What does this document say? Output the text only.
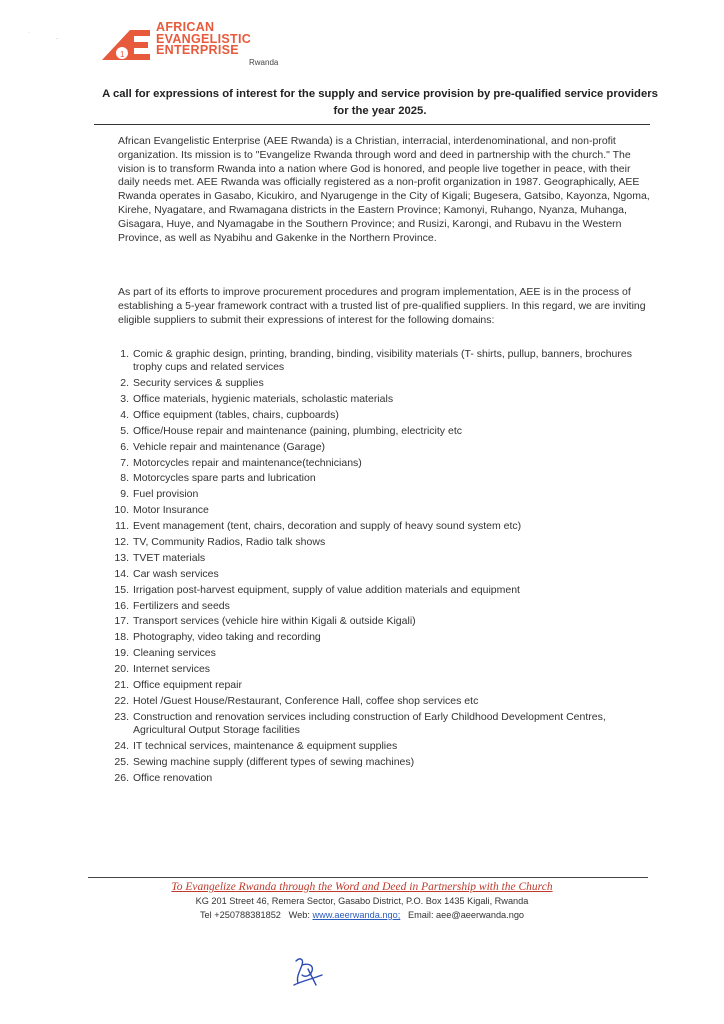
·
-
1
AFRICAN
EVANGELISTIC
ENTERPRISE
Rwanda
A call for expressions of interest for the supply and service provision by pre-qualified service providers for the year 2025.

African Evangelistic Enterprise (AEE Rwanda) is a Christian, interracial, interdenominational, and non-profit organization. Its mission is to "Evangelize Rwanda through word and deed in partnership with the church." The vision is to transform Rwanda into a nation where God is honored, and people live together in peace, with their daily needs met. AEE Rwanda was officially registered as a non-profit organization in 1987. Geographically, AEE Rwanda operates in Gasabo, Kicukiro, and Nyarugenge in the City of Kigali; Bugesera, Gatsibo, Kayonza, Ngoma, Kirehe, Nyagatare, and Rwamagana districts in the Eastern Province; Kamonyi, Ruhango, Nyanza, Muhanga, Gisagara, Huye, and Nyamagabe in the Southern Province; and Rusizi, Karongi, and Rubavu in the Western Province, as well as Nyabihu and Gakenke in the Northern Province.

As part of its efforts to improve procurement procedures and program implementation, AEE is in the process of establishing a 5-year framework contract with a trusted list of pre-qualified suppliers. In this regard, we are inviting eligible suppliers to submit their expressions of interest for the following domains:

1. Comic & graphic design, printing, branding, binding, visibility materials (T- shirts, pullup, banners, brochures trophy cups and related services
2. Security services & supplies
3. Office materials, hygienic materials, scholastic materials
4. Office equipment (tables, chairs, cupboards)
5. Office/House repair and maintenance (paining, plumbing, electricity etc
6. Vehicle repair and maintenance (Garage)
7. Motorcycles repair and maintenance(technicians)
8. Motorcycles spare parts and lubrication
9. Fuel provision
10. Motor Insurance
11. Event management (tent, chairs, decoration and supply of heavy sound system etc)
12. TV, Community Radios, Radio talk shows
13. TVET materials
14. Car wash services
15. Irrigation post-harvest equipment, supply of value addition materials and equipment
16. Fertilizers and seeds
17. Transport services (vehicle hire within Kigali & outside Kigali)
18. Photography, video taking and recording
19. Cleaning services
20. Internet services
21. Office equipment repair
22. Hotel /Guest House/Restaurant, Conference Hall, coffee shop services etc
23. Construction and renovation services including construction of Early Childhood Development Centres, Agricultural Output Storage facilities
24. IT technical services, maintenance & equipment supplies
25. Sewing machine supply (different types of sewing machines)
26. Office renovation
To Evangelize Rwanda through the Word and Deed in Partnership with the Church
KG 201 Street 46, Remera Sector, Gasabo District, P.O. Box 1435 Kigali, Rwanda
Tel +250788381852 Web: www.aeerwanda.ngo; Email: aee@aeerwanda.ngo
